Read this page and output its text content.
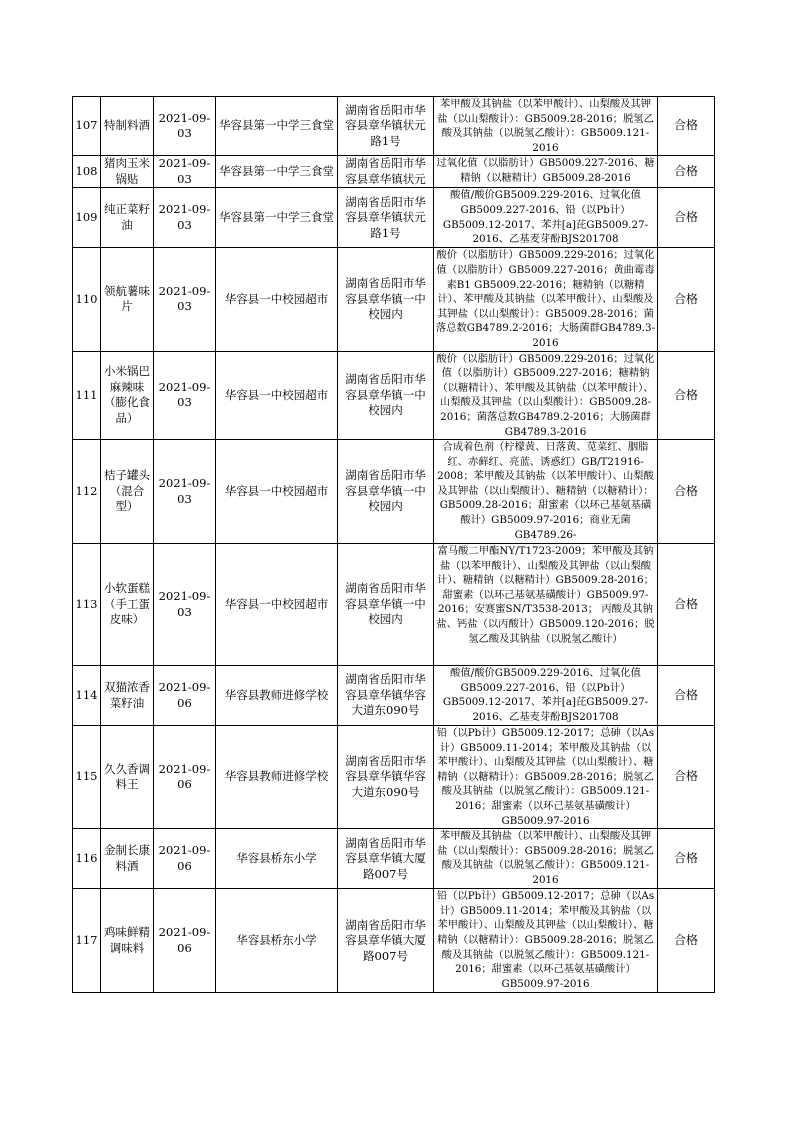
107	特制料酒	2021-09-03	华容县第一中学三食堂	湖南省岳阳市华容县章华镇状元路1号	苯甲酸及其钠盐（以苯甲酸计）、山梨酸及其钾盐（以山梨酸计）：GB5009.28-2016；脱氢乙酸及其钠盐（以脱氢乙酸计）：GB5009.121-2016	合格
108	猪肉玉米锅贴	2021-09-03	华容县第一中学三食堂	湖南省岳阳市华容县章华镇状元	过氧化值（以脂肪计）GB5009.227-2016、糖精钠（以糖精计）GB5009.28-2016	合格
109	纯正菜籽油	2021-09-03	华容县第一中学三食堂	湖南省岳阳市华容县章华镇状元路1号	酸值/酸价GB5009.229-2016、过氧化值GB5009.227-2016、铅（以Pb计）GB5009.12-2017、苯并[a]芘GB5009.27-2016、乙基麦芽酚BJS201708	合格
110	领航薯味片	2021-09-03	华容县一中校园超市	湖南省岳阳市华容县章华镇一中校园内	酸价（以脂肪计）GB5009.229-2016；过氧化值（以脂肪计）GB5009.227-2016；黄曲霉毒素B1 GB5009.22-2016；糖精钠（以糖精计）、苯甲酸及其钠盐（以苯甲酸计）、山梨酸及其钾盐（以山梨酸计）：GB5009.28-2016；菌落总数GB4789.2-2016；大肠菌群GB4789.3-2016	合格
111	小米锅巴麻辣味（膨化食品）	2021-09-03	华容县一中校园超市	湖南省岳阳市华容县章华镇一中校园内	酸价（以脂肪计）GB5009.229-2016；过氧化值（以脂肪计）GB5009.227-2016；糖精钠（以糖精计）、苯甲酸及其钠盐（以苯甲酸计）、山梨酸及其钾盐（以山梨酸计）：GB5009.28-2016；菌落总数GB4789.2-2016；大肠菌群GB4789.3-2016	合格
112	桔子罐头（混合型）	2021-09-03	华容县一中校园超市	湖南省岳阳市华容县章华镇一中校园内	合成着色剂（柠檬黄、日落黄、苋菜红、胭脂红、赤藓红、亮蓝、诱惑红）GB/T21916-2008；苯甲酸及其钠盐（以苯甲酸计）、山梨酸及其钾盐（以山梨酸计）、糖精钠（以糖精计）：GB5009.28-2016；甜蜜素（以环己基氨基磺酸计）GB5009.97-2016；商业无菌GB4789.26-	合格
113	小软蛋糕（手工蛋皮味）	2021-09-03	华容县一中校园超市	湖南省岳阳市华容县章华镇一中校园内	富马酸二甲酯NY/T1723-2009；苯甲酸及其钠盐（以苯甲酸计）、山梨酸及其钾盐（以山梨酸计）、糖精钠（以糖精计）GB5009.28-2016；甜蜜素（以环己基氨基磺酸计）GB5009.97-2016；安赛蜜SN/T3538-2013； 丙酸及其钠盐、钙盐（以丙酸计）GB5009.120-2016；脱氢乙酸及其钠盐（以脱氢乙酸计）	合格
114	双猫浓香菜籽油	2021-09-06	华容县教师进修学校	湖南省岳阳市华容县章华镇华容大道东090号	酸值/酸价GB5009.229-2016、过氧化值GB5009.227-2016、铅（以Pb计）GB5009.12-2017、苯并[a]芘GB5009.27-2016、乙基麦芽酚BJS201708	合格
115	久久香调料王	2021-09-06	华容县教师进修学校	湖南省岳阳市华容县章华镇华容大道东090号	铅（以Pb计）GB5009.12-2017；总砷（以As计）GB5009.11-2014；苯甲酸及其钠盐（以苯甲酸计）、山梨酸及其钾盐（以山梨酸计）、糖精钠（以糖精计）：GB5009.28-2016；脱氢乙酸及其钠盐（以脱氢乙酸计）：GB5009.121-2016；甜蜜素（以环己基氨基磺酸计）GB5009.97-2016	合格
116	金制长康料酒	2021-09-06	华容县桥东小学	湖南省岳阳市华容县章华镇大厦路007号	苯甲酸及其钠盐（以苯甲酸计）、山梨酸及其钾盐（以山梨酸计）：GB5009.28-2016；脱氢乙酸及其钠盐（以脱氢乙酸计）：GB5009.121-2016	合格
117	鸡味鲜精调味料	2021-09-06	华容县桥东小学	湖南省岳阳市华容县章华镇大厦路007号	铅（以Pb计）GB5009.12-2017；总砷（以As计）GB5009.11-2014；苯甲酸及其钠盐（以苯甲酸计）、山梨酸及其钾盐（以山梨酸计）、糖精钠（以糖精计）：GB5009.28-2016；脱氢乙酸及其钠盐（以脱氢乙酸计）：GB5009.121-2016；甜蜜素（以环己基氨基磺酸计）GB5009.97-2016	合格
